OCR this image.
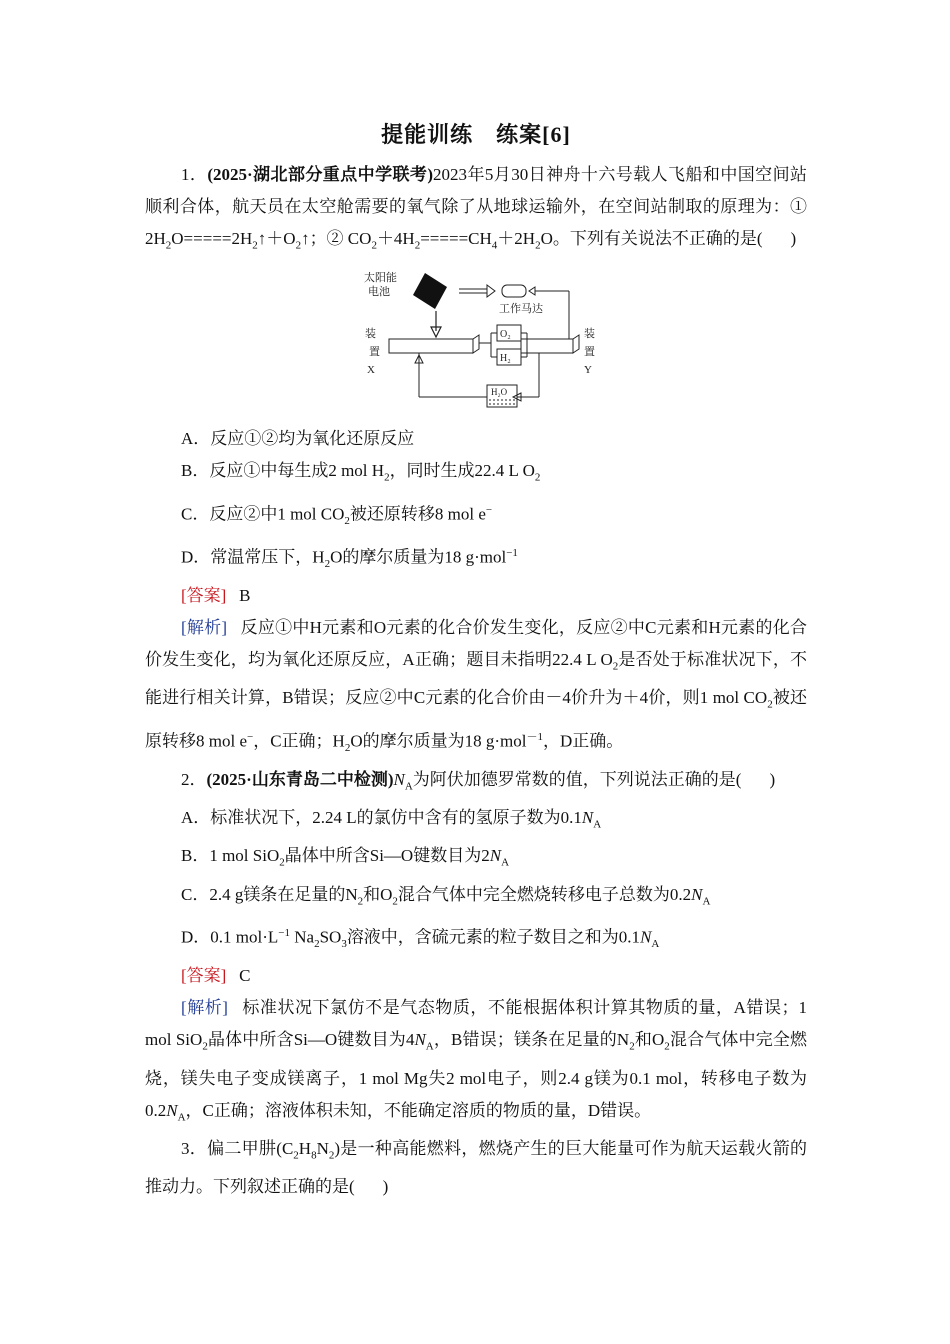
提能训练　练案[6]

1．(2025·湖北部分重点中学联考)2023年5月30日神舟十六号载人飞船和中国空间站顺利合体，航天员在太空舱需要的氧气除了从地球运输外，在空间站制取的原理为：① $2H_2O=====2H_2↑+O_2↑$；② $CO_2+4H_2=====CH_4+2H_2O$。下列有关说法不正确的是( )

太阳能
电池
工作马达
装
置
X
装
置
Y
O₂
H₂
H₂O

A．反应①②均为氧化还原反应

B．反应①中每生成2 mol $H_2$，同时生成22.4 L $O_2$

C．反应②中1 mol $CO_2$被还原转移8 mol e−

D．常温常压下，$H_2O$的摩尔质量为18 g·mol$^{-1}$

[答案] B

[解析] 反应①中H元素和O元素的化合价发生变化，反应②中C元素和H元素的化合价发生变化，均为氧化还原反应，A正确；题目未指明22.4 L $O_2$是否处于标准状况下，不能进行相关计算，B错误；反应②中C元素的化合价由－4价升为＋4价，则1 mol $CO_2$被还原转移8 mol e−，C正确；$H_2O$的摩尔质量为18 g·mol$^{-1}$，D正确。

2．(2025·山东青岛二中检测)$N_A$为阿伏加德罗常数的值，下列说法正确的是( )

A．标准状况下，2.24 L的氯仿中含有的氢原子数为$0.1N_A$

B．1 mol SiO$_2$晶体中所含Si—O键数目为$2N_A$

C．2.4 g镁条在足量的$N_2$和$O_2$混合气体中完全燃烧转移电子总数为$0.2N_A$

D．0.1 $mol\cdot L^{-1}$ $Na_2SO_3$溶液中，含硫元素的粒子数目之和为$0.1N_A$

[答案] C

[解析] 标准状况下氯仿不是气态物质，不能根据体积计算其物质的量，A错误；1 mol SiO$_2$晶体中所含Si—O键数目为$4N_A$，B错误；镁条在足量的$N_2$和$O_2$混合气体中完全燃烧，镁失电子变成镁离子，1 mol Mg失2 mol电子，则2.4 g镁为0.1 mol，转移电子数为$0.2N_A$，C正确；溶液体积未知，不能确定溶质的物质的量，D错误。

3．偏二甲肼$(C_2H_8N_2)$是一种高能燃料，燃烧产生的巨大能量可作为航天运载火箭的推动力。下列叙述正确的是( )
